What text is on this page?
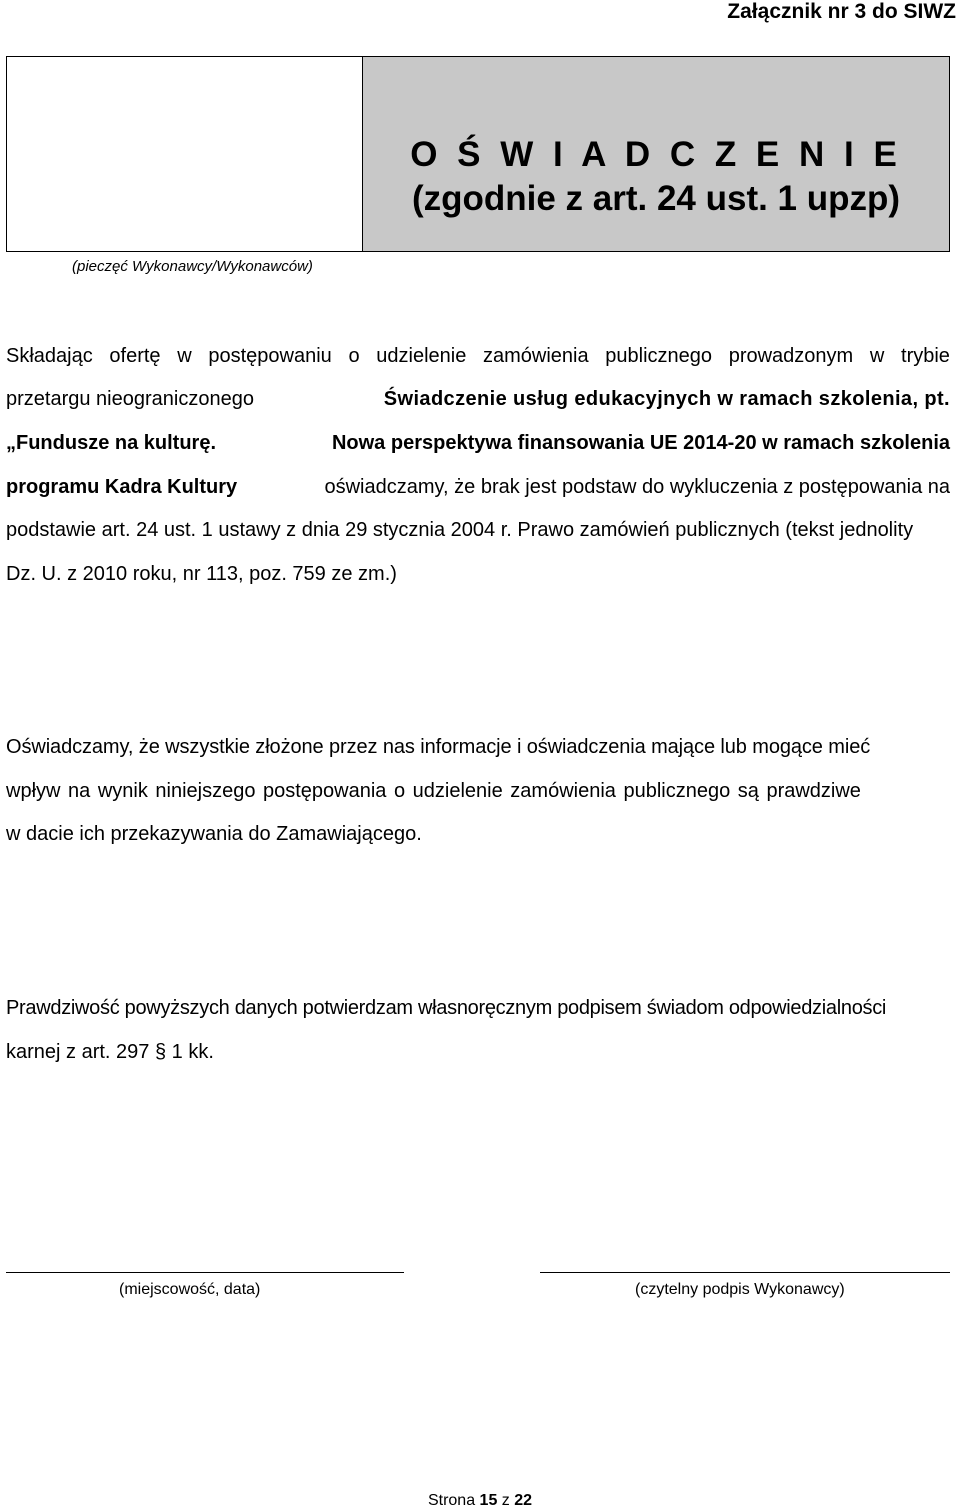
Załącznik nr 3 do SIWZ
O Ś W I A D C Z E N I E
(zgodnie z art. 24 ust. 1 upzp)
(pieczęć Wykonawcy/Wykonawców)
Składając ofertę w postępowaniu o udzielenie zamówienia publicznego prowadzonym w trybie
przetargu nieograniczonego	Świadczenie usług edukacyjnych w ramach szkolenia, pt.
„Fundusze na kulturę.	Nowa perspektywa finansowania UE 2014-20 w ramach szkolenia
programu Kadra Kultury	oświadczamy, że brak jest podstaw do wykluczenia z postępowania na
podstawie art. 24 ust. 1 ustawy z dnia 29 stycznia 2004 r. Prawo zamówień publicznych (tekst jednolity
Dz. U. z 2010 roku, nr 113, poz. 759 ze zm.)
Oświadczamy, że wszystkie złożone przez nas informacje i oświadczenia mające lub mogące mieć
wpływ na wynik niniejszego postępowania o udzielenie zamówienia publicznego są prawdziwe
w dacie ich przekazywania do Zamawiającego.
Prawdziwość powyższych danych potwierdzam własnoręcznym podpisem świadom odpowiedzialności
karnej z art. 297 § 1 kk.
(miejscowość, data)	(czytelny podpis Wykonawcy)
Strona 15 z 22
